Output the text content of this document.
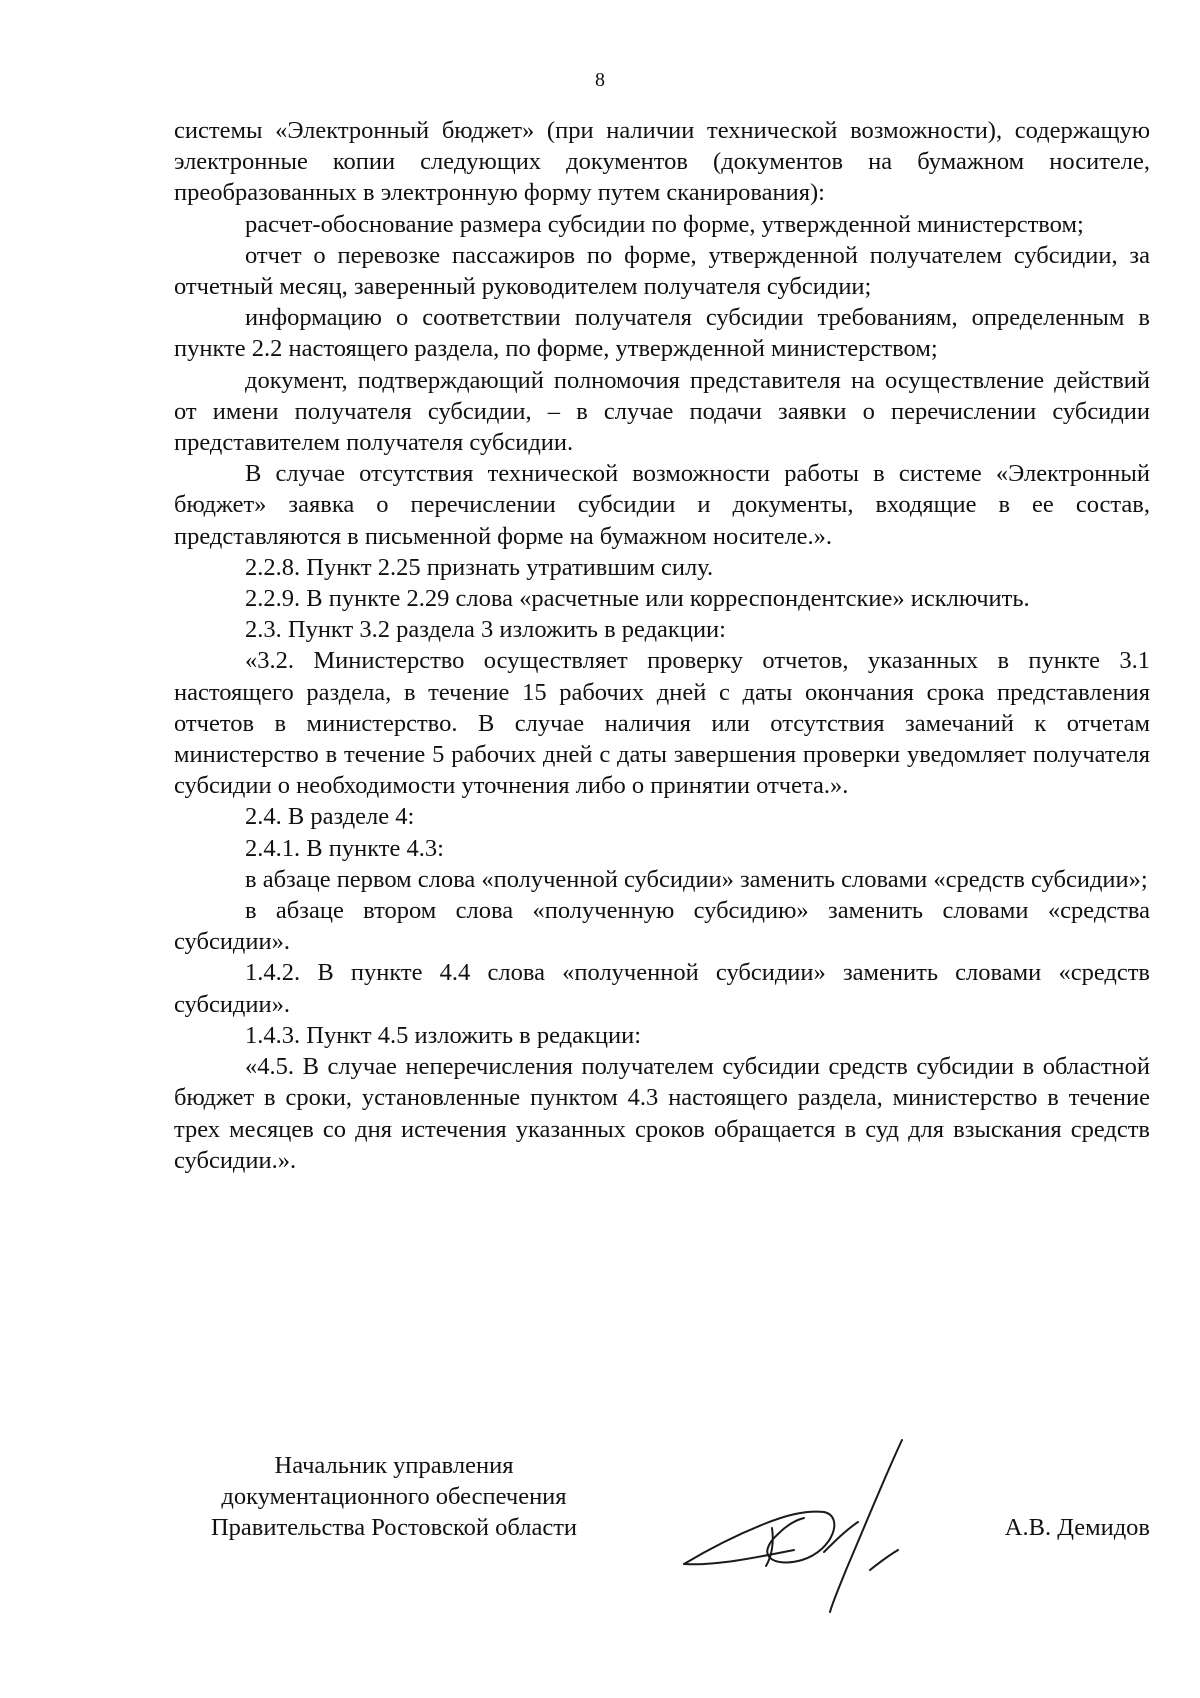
8

системы «Электронный бюджет» (при наличии технической возможности), содержащую электронные копии следующих документов (документов на бумажном носителе, преобразованных в электронную форму путем сканирования):

расчет-обоснование размера субсидии по форме, утвержденной министерством;

отчет о перевозке пассажиров по форме, утвержденной получателем субсидии, за отчетный месяц, заверенный руководителем получателя субсидии;

информацию о соответствии получателя субсидии требованиям, определенным в пункте 2.2 настоящего раздела, по форме, утвержденной министерством;

документ, подтверждающий полномочия представителя на осуществление действий от имени получателя субсидии, – в случае подачи заявки о перечислении субсидии представителем получателя субсидии.

В случае отсутствия технической возможности работы в системе «Электронный бюджет» заявка о перечислении субсидии и документы, входящие в ее состав, представляются в письменной форме на бумажном носителе.».

2.2.8. Пункт 2.25 признать утратившим силу.

2.2.9. В пункте 2.29 слова «расчетные или корреспондентские» исключить.

2.3. Пункт 3.2 раздела 3 изложить в редакции:

«3.2. Министерство осуществляет проверку отчетов, указанных в пункте 3.1 настоящего раздела, в течение 15 рабочих дней с даты окончания срока представления отчетов в министерство. В случае наличия или отсутствия замечаний к отчетам министерство в течение 5 рабочих дней с даты завершения проверки уведомляет получателя субсидии о необходимости уточнения либо о принятии отчета.».

2.4. В разделе 4:

2.4.1. В пункте 4.3:

в абзаце первом слова «полученной субсидии» заменить словами «средств субсидии»;

в абзаце втором слова «полученную субсидию» заменить словами «средства субсидии».

1.4.2. В пункте 4.4 слова «полученной субсидии» заменить словами «средств субсидии».

1.4.3. Пункт 4.5 изложить в редакции:

«4.5. В случае неперечисления получателем субсидии средств субсидии в областной бюджет в сроки, установленные пунктом 4.3 настоящего раздела, министерство в течение трех месяцев со дня истечения указанных сроков обращается в суд для взыскания средств субсидии.».

Начальник управления
документационного обеспечения
Правительства Ростовской области	А.В. Демидов
